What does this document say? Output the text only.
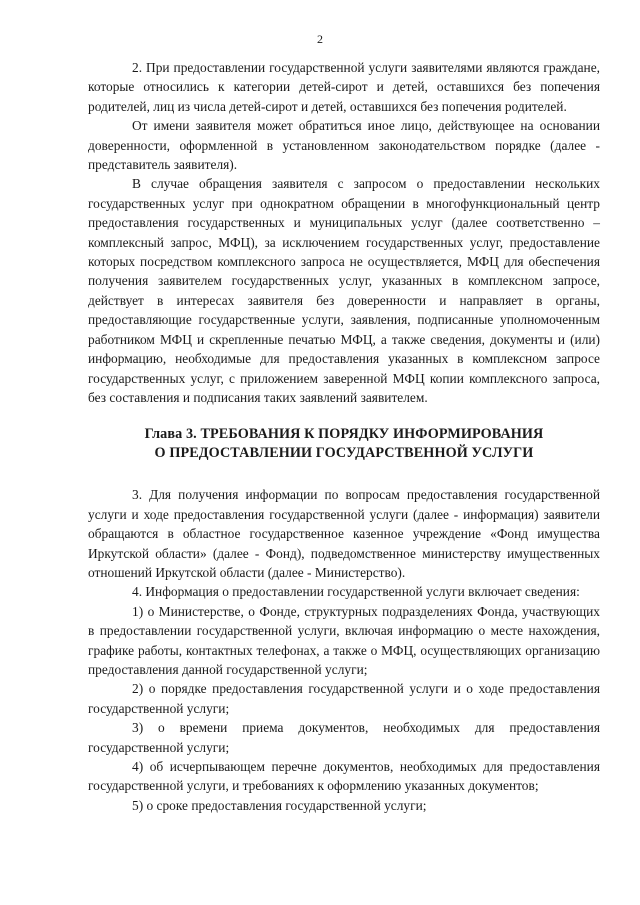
2

2. При предоставлении государственной услуги заявителями являются граждане, которые относились к категории детей-сирот и детей, оставшихся без попечения родителей, лиц из числа детей-сирот и детей, оставшихся без попечения родителей.

От имени заявителя может обратиться иное лицо, действующее на основании доверенности, оформленной в установленном законодательством порядке (далее - представитель заявителя).

В случае обращения заявителя с запросом о предоставлении нескольких государственных услуг при однократном обращении в многофункциональный центр предоставления государственных и муниципальных услуг (далее соответственно – комплексный запрос, МФЦ), за исключением государственных услуг, предоставление которых посредством комплексного запроса не осуществляется, МФЦ для обеспечения получения заявителем государственных услуг, указанных в комплексном запросе, действует в интересах заявителя без доверенности и направляет в органы, предоставляющие государственные услуги, заявления, подписанные уполномоченным работником МФЦ и скрепленные печатью МФЦ, а также сведения, документы и (или) информацию, необходимые для предоставления указанных в комплексном запросе государственных услуг, с приложением заверенной МФЦ копии комплексного запроса, без составления и подписания таких заявлений заявителем.

Глава 3. ТРЕБОВАНИЯ К ПОРЯДКУ ИНФОРМИРОВАНИЯ
О ПРЕДОСТАВЛЕНИИ ГОСУДАРСТВЕННОЙ УСЛУГИ

3. Для получения информации по вопросам предоставления государственной услуги и ходе предоставления государственной услуги (далее - информация) заявители обращаются в областное государственное казенное учреждение «Фонд имущества Иркутской области» (далее - Фонд), подведомственное министерству имущественных отношений Иркутской области (далее - Министерство).

4. Информация о предоставлении государственной услуги включает сведения:

1) о Министерстве, о Фонде, структурных подразделениях Фонда, участвующих в предоставлении государственной услуги, включая информацию о месте нахождения, графике работы, контактных телефонах, а также о МФЦ, осуществляющих организацию предоставления данной государственной услуги;

2) о порядке предоставления государственной услуги и о ходе предоставления государственной услуги;

3) о времени приема документов, необходимых для предоставления государственной услуги;

4) об исчерпывающем перечне документов, необходимых для предоставления государственной услуги, и требованиях к оформлению указанных документов;

5) о сроке предоставления государственной услуги;
